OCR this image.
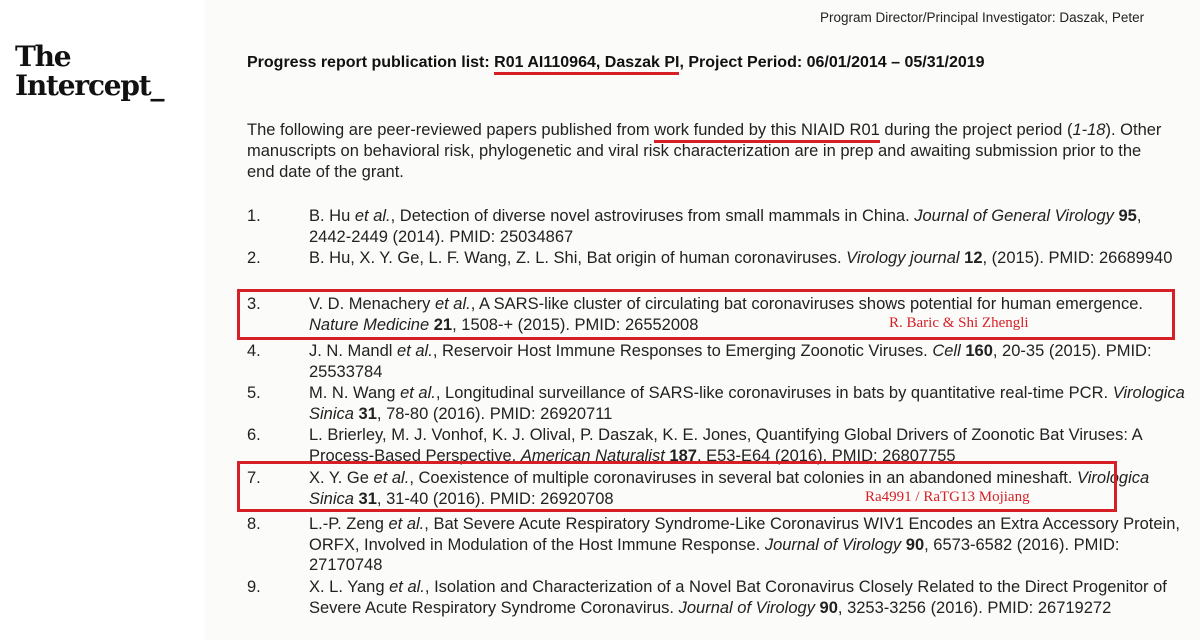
The
Intercept_
Program Director/Principal Investigator: Daszak, Peter
Progress report publication list: R01 AI110964, Daszak PI, Project Period: 06/01/2014 – 05/31/2019

The following are peer-reviewed papers published from work funded by this NIAID R01 during the project period (1-18). Other manuscripts on behavioral risk, phylogenetic and viral risk characterization are in prep and awaiting submission prior to the end date of the grant.

1.	B. Hu et al., Detection of diverse novel astroviruses from small mammals in China. Journal of General Virology 95, 2442-2449 (2014). PMID: 25034867
2.	B. Hu, X. Y. Ge, L. F. Wang, Z. L. Shi, Bat origin of human coronaviruses. Virology journal 12, (2015). PMID: 26689940
3.	V. D. Menachery et al., A SARS-like cluster of circulating bat coronaviruses shows potential for human emergence. Nature Medicine 21, 1508-+ (2015). PMID: 26552008	R. Baric & Shi Zhengli
4.	J. N. Mandl et al., Reservoir Host Immune Responses to Emerging Zoonotic Viruses. Cell 160, 20-35 (2015). PMID: 25533784
5.	M. N. Wang et al., Longitudinal surveillance of SARS-like coronaviruses in bats by quantitative real-time PCR. Virologica Sinica 31, 78-80 (2016). PMID: 26920711
6.	L. Brierley, M. J. Vonhof, K. J. Olival, P. Daszak, K. E. Jones, Quantifying Global Drivers of Zoonotic Bat Viruses: A Process-Based Perspective. American Naturalist 187, E53-E64 (2016). PMID: 26807755
7.	X. Y. Ge et al., Coexistence of multiple coronaviruses in several bat colonies in an abandoned mineshaft. Virologica Sinica 31, 31-40 (2016). PMID: 26920708	Ra4991 / RaTG13 Mojiang
8.	L.-P. Zeng et al., Bat Severe Acute Respiratory Syndrome-Like Coronavirus WIV1 Encodes an Extra Accessory Protein, ORFX, Involved in Modulation of the Host Immune Response. Journal of Virology 90, 6573-6582 (2016). PMID: 27170748
9.	X. L. Yang et al., Isolation and Characterization of a Novel Bat Coronavirus Closely Related to the Direct Progenitor of Severe Acute Respiratory Syndrome Coronavirus. Journal of Virology 90, 3253-3256 (2016). PMID: 26719272
